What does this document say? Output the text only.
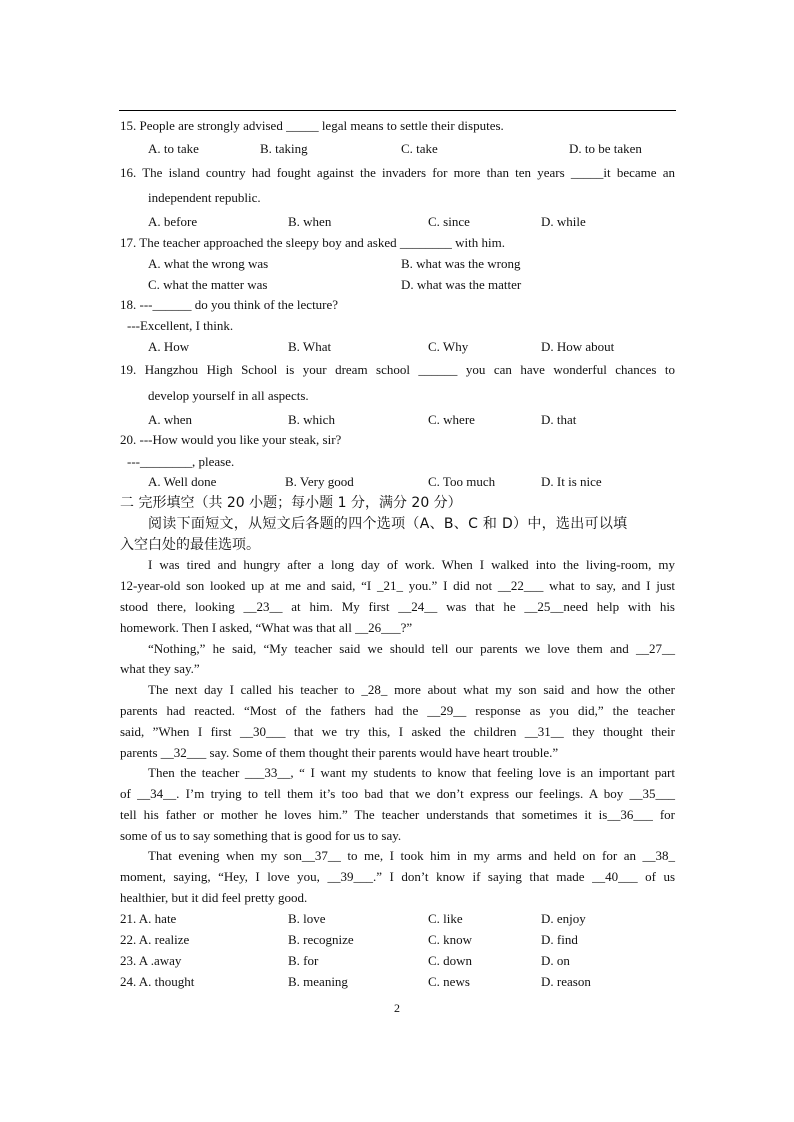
15. People are strongly advised _____ legal means to settle their disputes.
A. to take	B. taking	C. take	D. to be taken
16. The island country had fought against the invaders for more than ten years _____it became an
independent republic.
A. before	B. when	C. since	D. while
17. The teacher approached the sleepy boy and asked ________ with him.
A. what the wrong was	B. what was the wrong
C. what the matter was	D. what was the matter
18. ---______ do you think of the lecture?
---Excellent, I think.
A. How	B. What	C. Why	D. How about
19. Hangzhou High School is your dream school ______ you can have wonderful chances to
develop yourself in all aspects.
A. when	B. which	C. where	D. that
20. ---How would you like your steak, sir?
---________, please.
A. Well done	B. Very good	C. Too much	D. It is nice
二 完形填空（共 20 小题；每小题 1 分，满分 20 分）
阅读下面短文，从短文后各题的四个选项（A、B、C 和 D）中，选出可以填
入空白处的最佳选项。
I was tired and hungry after a long day of work. When I walked into the living-room, my
12-year-old son looked up at me and said, “I _21_ you.” I did not __22___ what to say, and I just
stood there, looking __23__ at him. My first __24__ was that he __25__need help with his
homework. Then I asked, “What was that all __26___?”
“Nothing,” he said, “My teacher said we should tell our parents we love them and __27__
what they say.”
The next day I called his teacher to _28_ more about what my son said and how the other
parents had reacted. “Most of the fathers had the __29__ response as you did,” the teacher
said, ”When I first __30___ that we try this, I asked the children __31__ they thought their
parents __32___ say. Some of them thought their parents would have heart trouble.”
Then the teacher ___33__, “ I want my students to know that feeling love is an important part
of __34__. I’m trying to tell them it’s too bad that we don’t express our feelings. A boy __35___
tell his father or mother he loves him.” The teacher understands that sometimes it is__36___ for
some of us to say something that is good for us to say.
That evening when my son__37__ to me, I took him in my arms and held on for an __38_
moment, saying, “Hey, I love you, __39___.” I don’t know if saying that made __40___ of us
healthier, but it did feel pretty good.
21. A. hate	B. love	C. like	D. enjoy
22. A. realize	B. recognize	C. know	D. find
23. A .away	B. for	C. down	D. on
24. A. thought	B. meaning	C. news	D. reason
2
